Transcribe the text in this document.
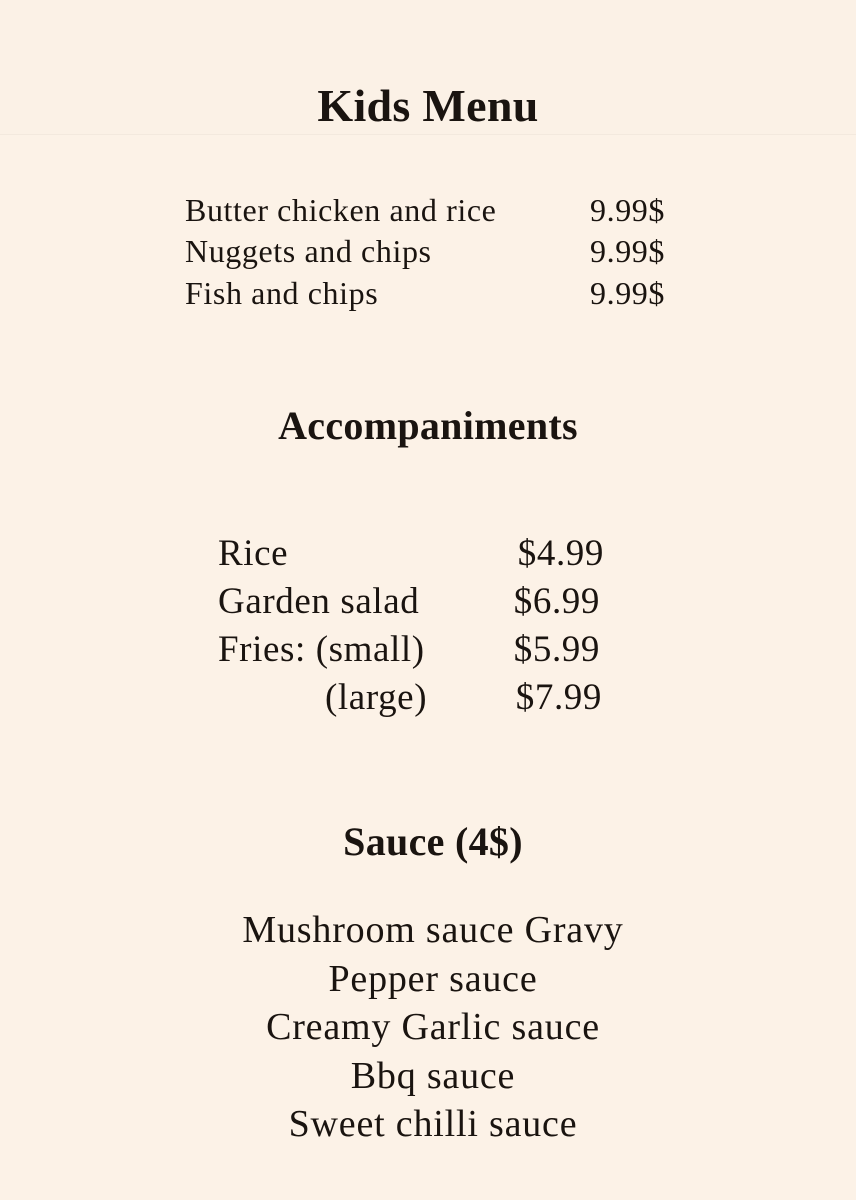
Kids Menu
Butter chicken and rice	9.99$
Nuggets and chips	9.99$
Fish and chips	9.99$
Accompaniments
Rice	$4.99
Garden salad	$6.99
Fries: (small) $5.99
(large) $7.99
Sauce (4$)
Mushroom sauce Gravy
Pepper sauce
Creamy Garlic sauce
Bbq sauce
Sweet chilli sauce
